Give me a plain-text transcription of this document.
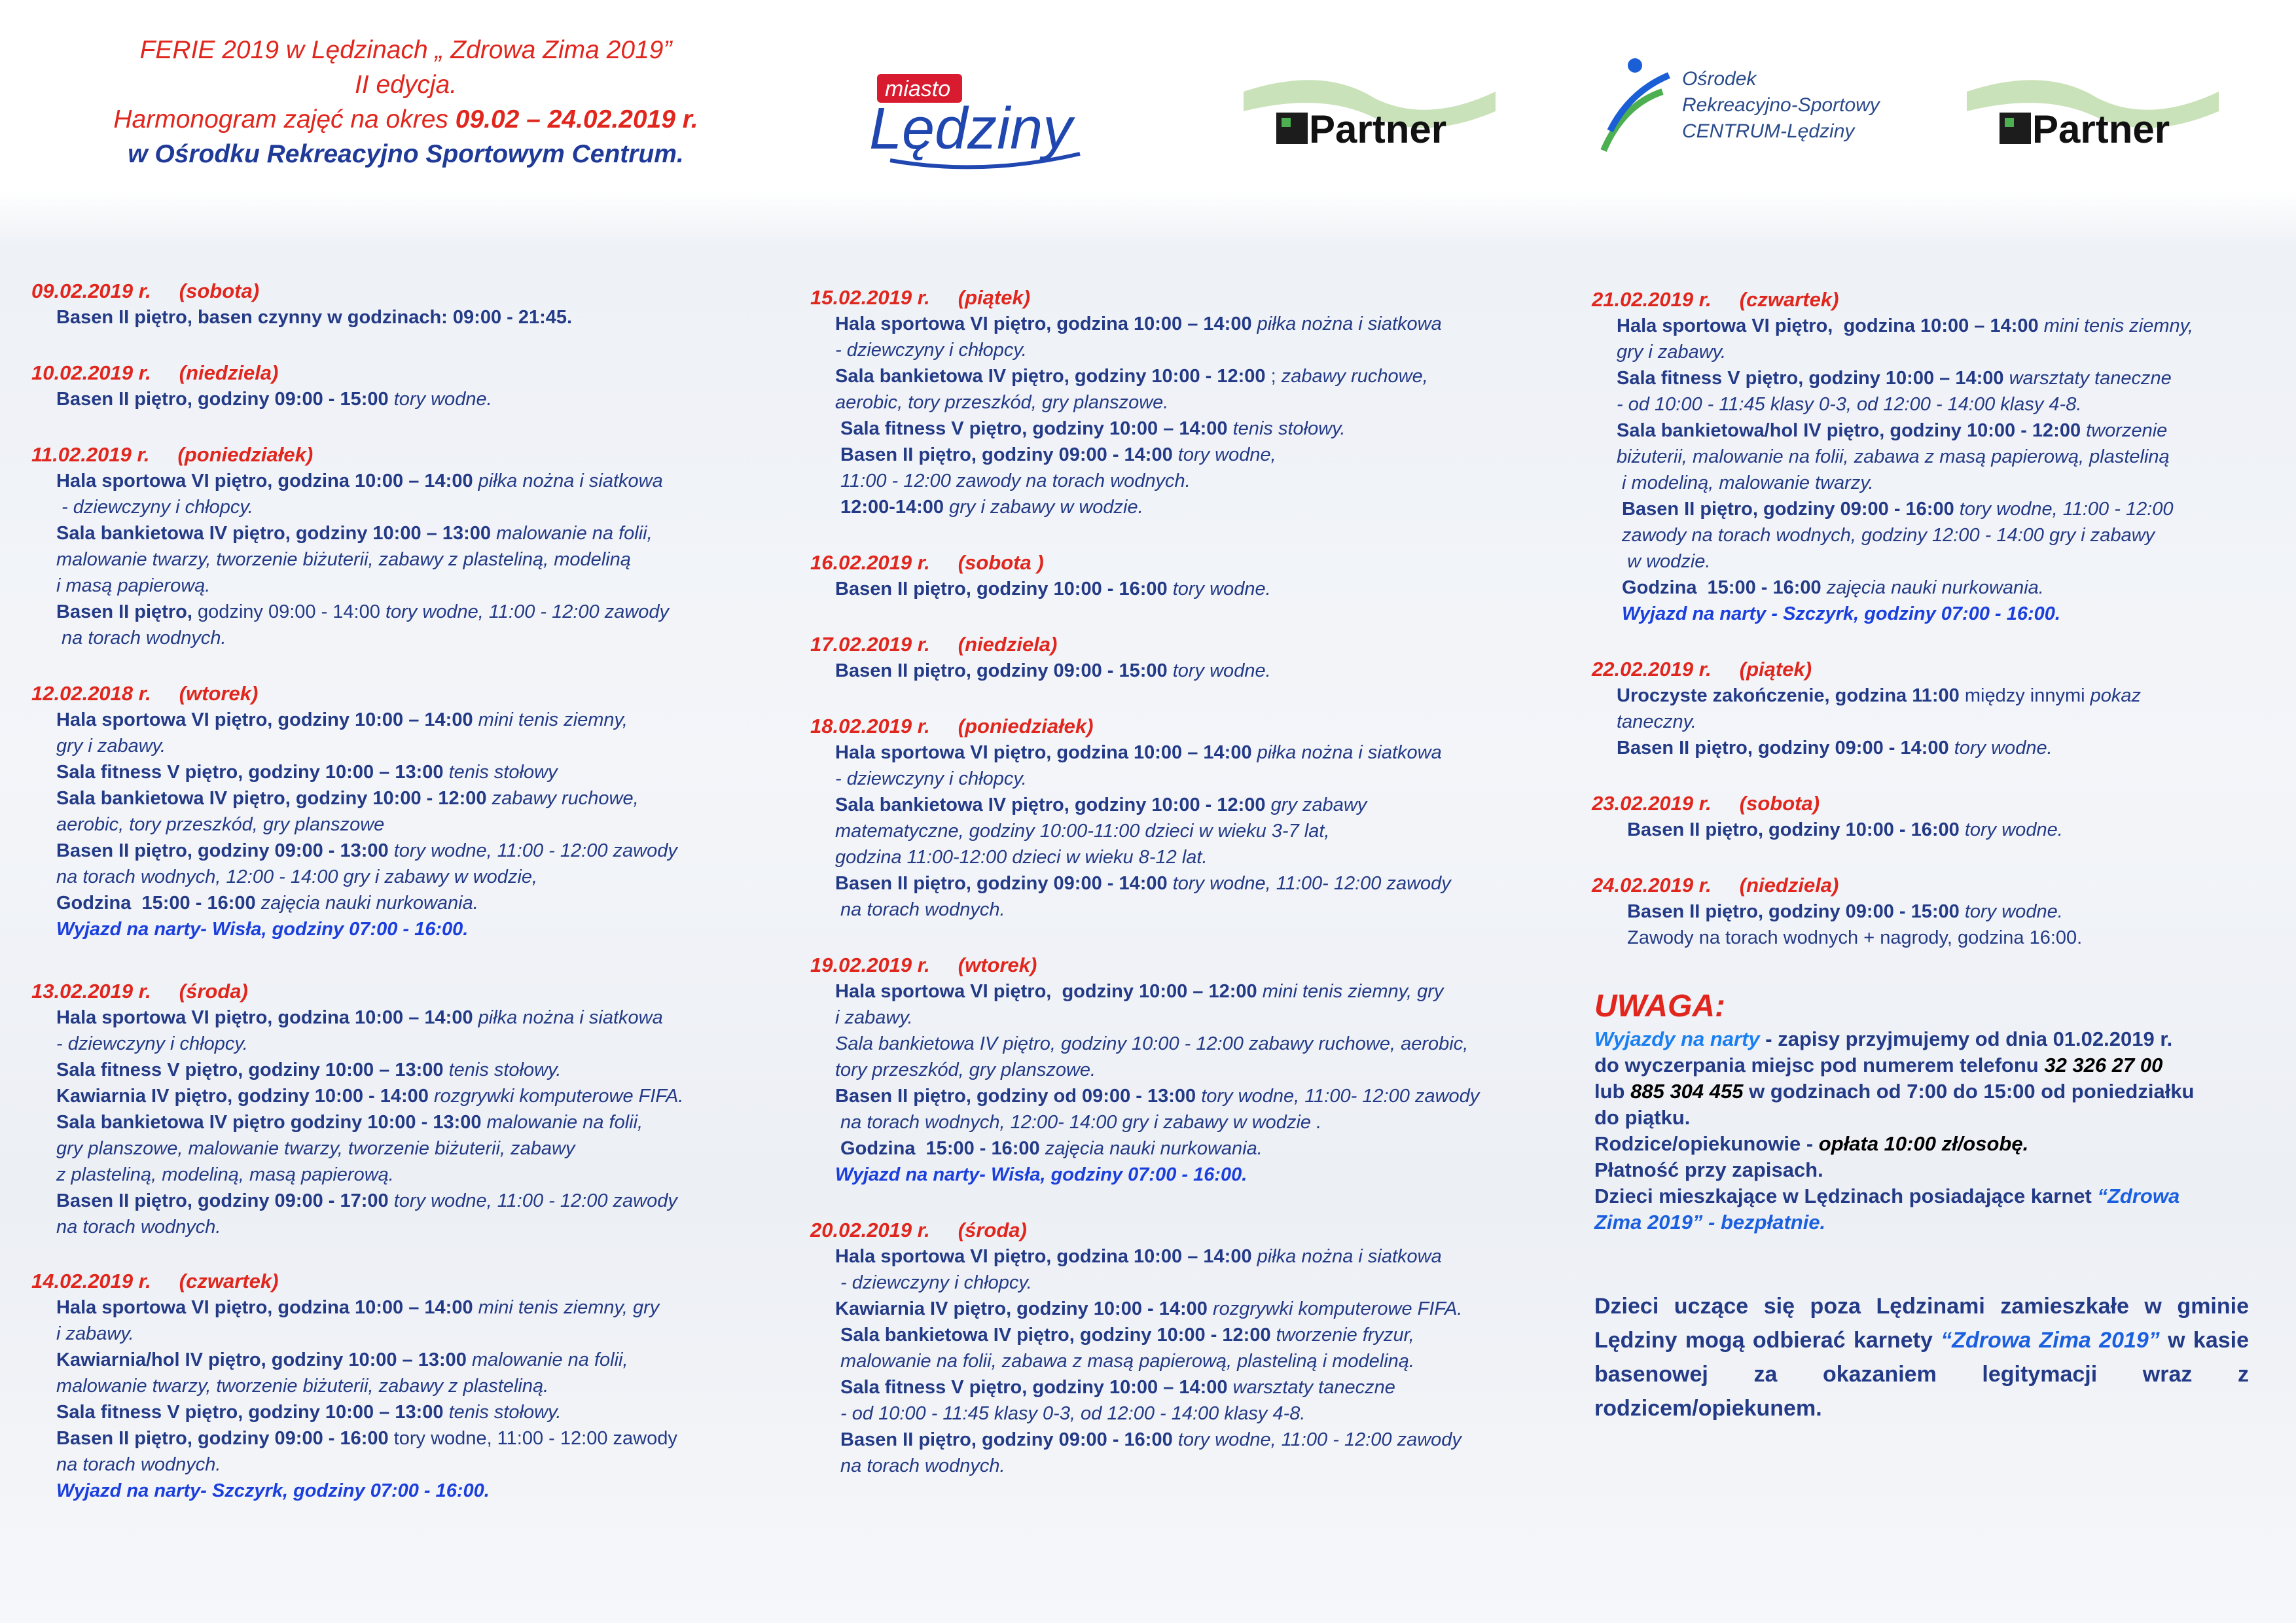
FERIE 2019 w Lędzinach „ Zdrowa Zima 2019”
II edycja.
Harmonogram zajęć na okres 09.02 – 24.02.2019 r.
w Ośrodku Rekreacyjno Sportowym Centrum.
miasto
Lędziny	Partner
Ośrodek
Rekreacyjno-Sportowy
CENTRUM-Lędziny	Partner
09.02.2019 r.     (sobota)
Basen II piętro, basen czynny w godzinach: 09:00 - 21:45.
10.02.2019 r.     (niedziela)
Basen II piętro, godziny 09:00 - 15:00 tory wodne.
11.02.2019 r.     (poniedziałek)
Hala sportowa VI piętro, godzina 10:00 – 14:00 piłka nożna i siatkowa
- dziewczyny i chłopcy.
Sala bankietowa IV piętro, godziny 10:00 – 13:00 malowanie na folii,
malowanie twarzy, tworzenie biżuterii, zabawy z plasteliną, modeliną
i masą papierową.
Basen II piętro, godziny 09:00 - 14:00 tory wodne, 11:00 - 12:00 zawody
na torach wodnych.
12.02.2018 r.     (wtorek)
Hala sportowa VI piętro, godziny 10:00 – 14:00 mini tenis ziemny,
gry i zabawy.
Sala fitness V piętro, godziny 10:00 – 13:00 tenis stołowy
Sala bankietowa IV piętro, godziny 10:00 - 12:00 zabawy ruchowe,
aerobic, tory przeszkód, gry planszowe
Basen II piętro, godziny 09:00 - 13:00 tory wodne, 11:00 - 12:00 zawody
na torach wodnych, 12:00 - 14:00 gry i zabawy w wodzie,
Godzina  15:00 - 16:00 zajęcia nauki nurkowania.
Wyjazd na narty- Wisła, godziny 07:00 - 16:00.
13.02.2019 r.     (środa)
Hala sportowa VI piętro, godzina 10:00 – 14:00 piłka nożna i siatkowa
- dziewczyny i chłopcy.
Sala fitness V piętro, godziny 10:00 – 13:00 tenis stołowy.
Kawiarnia IV piętro, godziny 10:00 - 14:00 rozgrywki komputerowe FIFA.
Sala bankietowa IV piętro godziny 10:00 - 13:00 malowanie na folii,
gry planszowe, malowanie twarzy, tworzenie biżuterii, zabawy
z plasteliną, modeliną, masą papierową.
Basen II piętro, godziny 09:00 - 17:00 tory wodne, 11:00 - 12:00 zawody
na torach wodnych.
14.02.2019 r.     (czwartek)
Hala sportowa VI piętro, godzina 10:00 – 14:00 mini tenis ziemny, gry
i zabawy.
Kawiarnia/hol IV piętro, godziny 10:00 – 13:00 malowanie na folii,
malowanie twarzy, tworzenie biżuterii, zabawy z plasteliną.
Sala fitness V piętro, godziny 10:00 – 13:00 tenis stołowy.
Basen II piętro, godziny 09:00 - 16:00 tory wodne, 11:00 - 12:00 zawody
na torach wodnych.
Wyjazd na narty- Szczyrk, godziny 07:00 - 16:00.
15.02.2019 r.     (piątek)
Hala sportowa VI piętro, godzina 10:00 – 14:00 piłka nożna i siatkowa
- dziewczyny i chłopcy.
Sala bankietowa IV piętro, godziny 10:00 - 12:00 ; zabawy ruchowe,
aerobic, tory przeszkód, gry planszowe.
Sala fitness V piętro, godziny 10:00 – 14:00 tenis stołowy.
Basen II piętro, godziny 09:00 - 14:00 tory wodne,
11:00 - 12:00 zawody na torach wodnych.
12:00-14:00 gry i zabawy w wodzie.
16.02.2019 r.     (sobota )
Basen II piętro, godziny 10:00 - 16:00 tory wodne.
17.02.2019 r.     (niedziela)
Basen II piętro, godziny 09:00 - 15:00 tory wodne.
18.02.2019 r.     (poniedziałek)
Hala sportowa VI piętro, godzina 10:00 – 14:00 piłka nożna i siatkowa
- dziewczyny i chłopcy.
Sala bankietowa IV piętro, godziny 10:00 - 12:00 gry zabawy
matematyczne, godziny 10:00-11:00 dzieci w wieku 3-7 lat,
godzina 11:00-12:00 dzieci w wieku 8-12 lat.
Basen II piętro, godziny 09:00 - 14:00 tory wodne, 11:00- 12:00 zawody
na torach wodnych.
19.02.2019 r.     (wtorek)
Hala sportowa VI piętro,  godziny 10:00 – 12:00 mini tenis ziemny, gry
i zabawy.
Sala bankietowa IV piętro, godziny 10:00 - 12:00 zabawy ruchowe, aerobic,
tory przeszkód, gry planszowe.
Basen II piętro, godziny od 09:00 - 13:00 tory wodne, 11:00- 12:00 zawody
na torach wodnych, 12:00- 14:00 gry i zabawy w wodzie .
Godzina  15:00 - 16:00 zajęcia nauki nurkowania.
Wyjazd na narty- Wisła, godziny 07:00 - 16:00.
20.02.2019 r.     (środa)
Hala sportowa VI piętro, godzina 10:00 – 14:00 piłka nożna i siatkowa
- dziewczyny i chłopcy.
Kawiarnia IV piętro, godziny 10:00 - 14:00 rozgrywki komputerowe FIFA.
Sala bankietowa IV piętro, godziny 10:00 - 12:00 tworzenie fryzur,
malowanie na folii, zabawa z masą papierową, plasteliną i modeliną.
Sala fitness V piętro, godziny 10:00 – 14:00 warsztaty taneczne
- od 10:00 - 11:45 klasy 0-3, od 12:00 - 14:00 klasy 4-8.
Basen II piętro, godziny 09:00 - 16:00 tory wodne, 11:00 - 12:00 zawody
na torach wodnych.
21.02.2019 r.     (czwartek)
Hala sportowa VI piętro,  godzina 10:00 – 14:00 mini tenis ziemny,
gry i zabawy.
Sala fitness V piętro, godziny 10:00 – 14:00 warsztaty taneczne
- od 10:00 - 11:45 klasy 0-3, od 12:00 - 14:00 klasy 4-8.
Sala bankietowa/hol IV piętro, godziny 10:00 - 12:00 tworzenie
biżuterii, malowanie na folii, zabawa z masą papierową, plasteliną
i modeliną, malowanie twarzy.
Basen II piętro, godziny 09:00 - 16:00 tory wodne, 11:00 - 12:00
zawody na torach wodnych, godziny 12:00 - 14:00 gry i zabawy
w wodzie.
Godzina  15:00 - 16:00 zajęcia nauki nurkowania.
Wyjazd na narty - Szczyrk, godziny 07:00 - 16:00.
22.02.2019 r.     (piątek)
Uroczyste zakończenie, godzina 11:00 między innymi pokaz
taneczny.
Basen II piętro, godziny 09:00 - 14:00 tory wodne.
23.02.2019 r.     (sobota)
Basen II piętro, godziny 10:00 - 16:00 tory wodne.
24.02.2019 r.     (niedziela)
Basen II piętro, godziny 09:00 - 15:00 tory wodne.
Zawody na torach wodnych + nagrody, godzina 16:00.
UWAGA:
Wyjazdy na narty - zapisy przyjmujemy od dnia 01.02.2019 r.
do wyczerpania miejsc pod numerem telefonu 32 326 27 00
lub 885 304 455 w godzinach od 7:00 do 15:00 od poniedziałku
do piątku.
Rodzice/opiekunowie - opłata 10:00 zł/osobę.
Płatność przy zapisach.
Dzieci mieszkające w Lędzinach posiadające karnet “Zdrowa
Zima 2019” - bezpłatnie.
Dzieci uczące się poza Lędzinami zamieszkałe w gminie Lędziny mogą odbierać karnety “Zdrowa Zima 2019” w kasie basenowej za okazaniem legitymacji wraz z rodzicem/opiekunem.
